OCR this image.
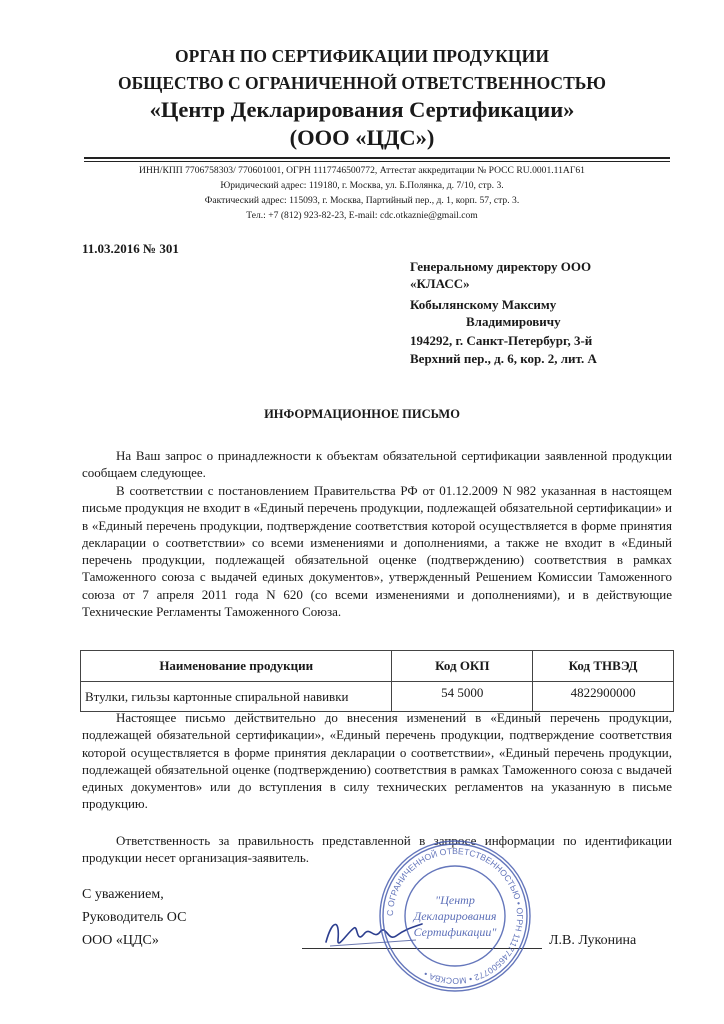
ОРГАН ПО СЕРТИФИКАЦИИ ПРОДУКЦИИ
ОБЩЕСТВО С ОГРАНИЧЕННОЙ ОТВЕТСТВЕННОСТЬЮ
«Центр Декларирования Сертификации»
(ООО «ЦДС»)
ИНН/КПП 7706758303/ 770601001, ОГРН 1117746500772, Аттестат аккредитации № РОСС RU.0001.11АГ61
Юридический адрес: 119180, г. Москва, ул. Б.Полянка, д. 7/10, стр. 3.
Фактический адрес: 115093, г. Москва, Партийный пер., д. 1, корп. 57, стр. 3.
Тел.: +7 (812) 923-82-23, E-mail: cdc.otkaznie@gmail.com
11.03.2016 № 301
Генеральному директору ООО
«КЛАСС»
Кобылянскому Максиму
Владимировичу
194292, г. Санкт-Петербург, 3-й
Верхний пер., д. 6, кор. 2, лит. А
ИНФОРМАЦИОННОЕ ПИСЬМО
На Ваш запрос о принадлежности к объектам обязательной сертификации заявленной продукции сообщаем следующее.
В соответствии с постановлением Правительства РФ от 01.12.2009 N 982 указанная в настоящем письме продукция не входит в «Единый перечень продукции, подлежащей обязательной сертификации» и в «Единый перечень продукции, подтверждение соответствия которой осуществляется в форме принятия декларации о соответствии» со всеми изменениями и дополнениями, а также не входит в «Единый перечень продукции, подлежащей обязательной оценке (подтверждению) соответствия в рамках Таможенного союза с выдачей единых документов», утвержденный Решением Комиссии Таможенного союза от 7 апреля 2011 года N 620 (со всеми изменениями и дополнениями), и в действующие Технические Регламенты Таможенного Союза.
Наименование продукции	Код ОКП	Код ТНВЭД
Втулки, гильзы картонные спиральной навивки	54 5000	4822900000
Настоящее письмо действительно до внесения изменений в «Единый перечень продукции, подлежащей обязательной сертификации», «Единый перечень продукции, подтверждение соответствия которой осуществляется в форме принятия декларации о соответствии», «Единый перечень продукции, подлежащей обязательной оценке (подтверждению) соответствия в рамках Таможенного союза с выдачей единых документов» или до вступления в силу технических регламентов на указанную в письме продукцию.
Ответственность за правильность представленной в запросе информации по идентификации продукции несет организация-заявитель.
С уважением,
Руководитель ОС
ООО «ЦДС»	Л.В. Луконина
С ОГРАНИЧЕННОЙ ОТВЕТСТВЕННОСТЬЮ • ОГРН 1117746500772 • МОСКВА •
"Центр
Декларирования
Сертификации"
